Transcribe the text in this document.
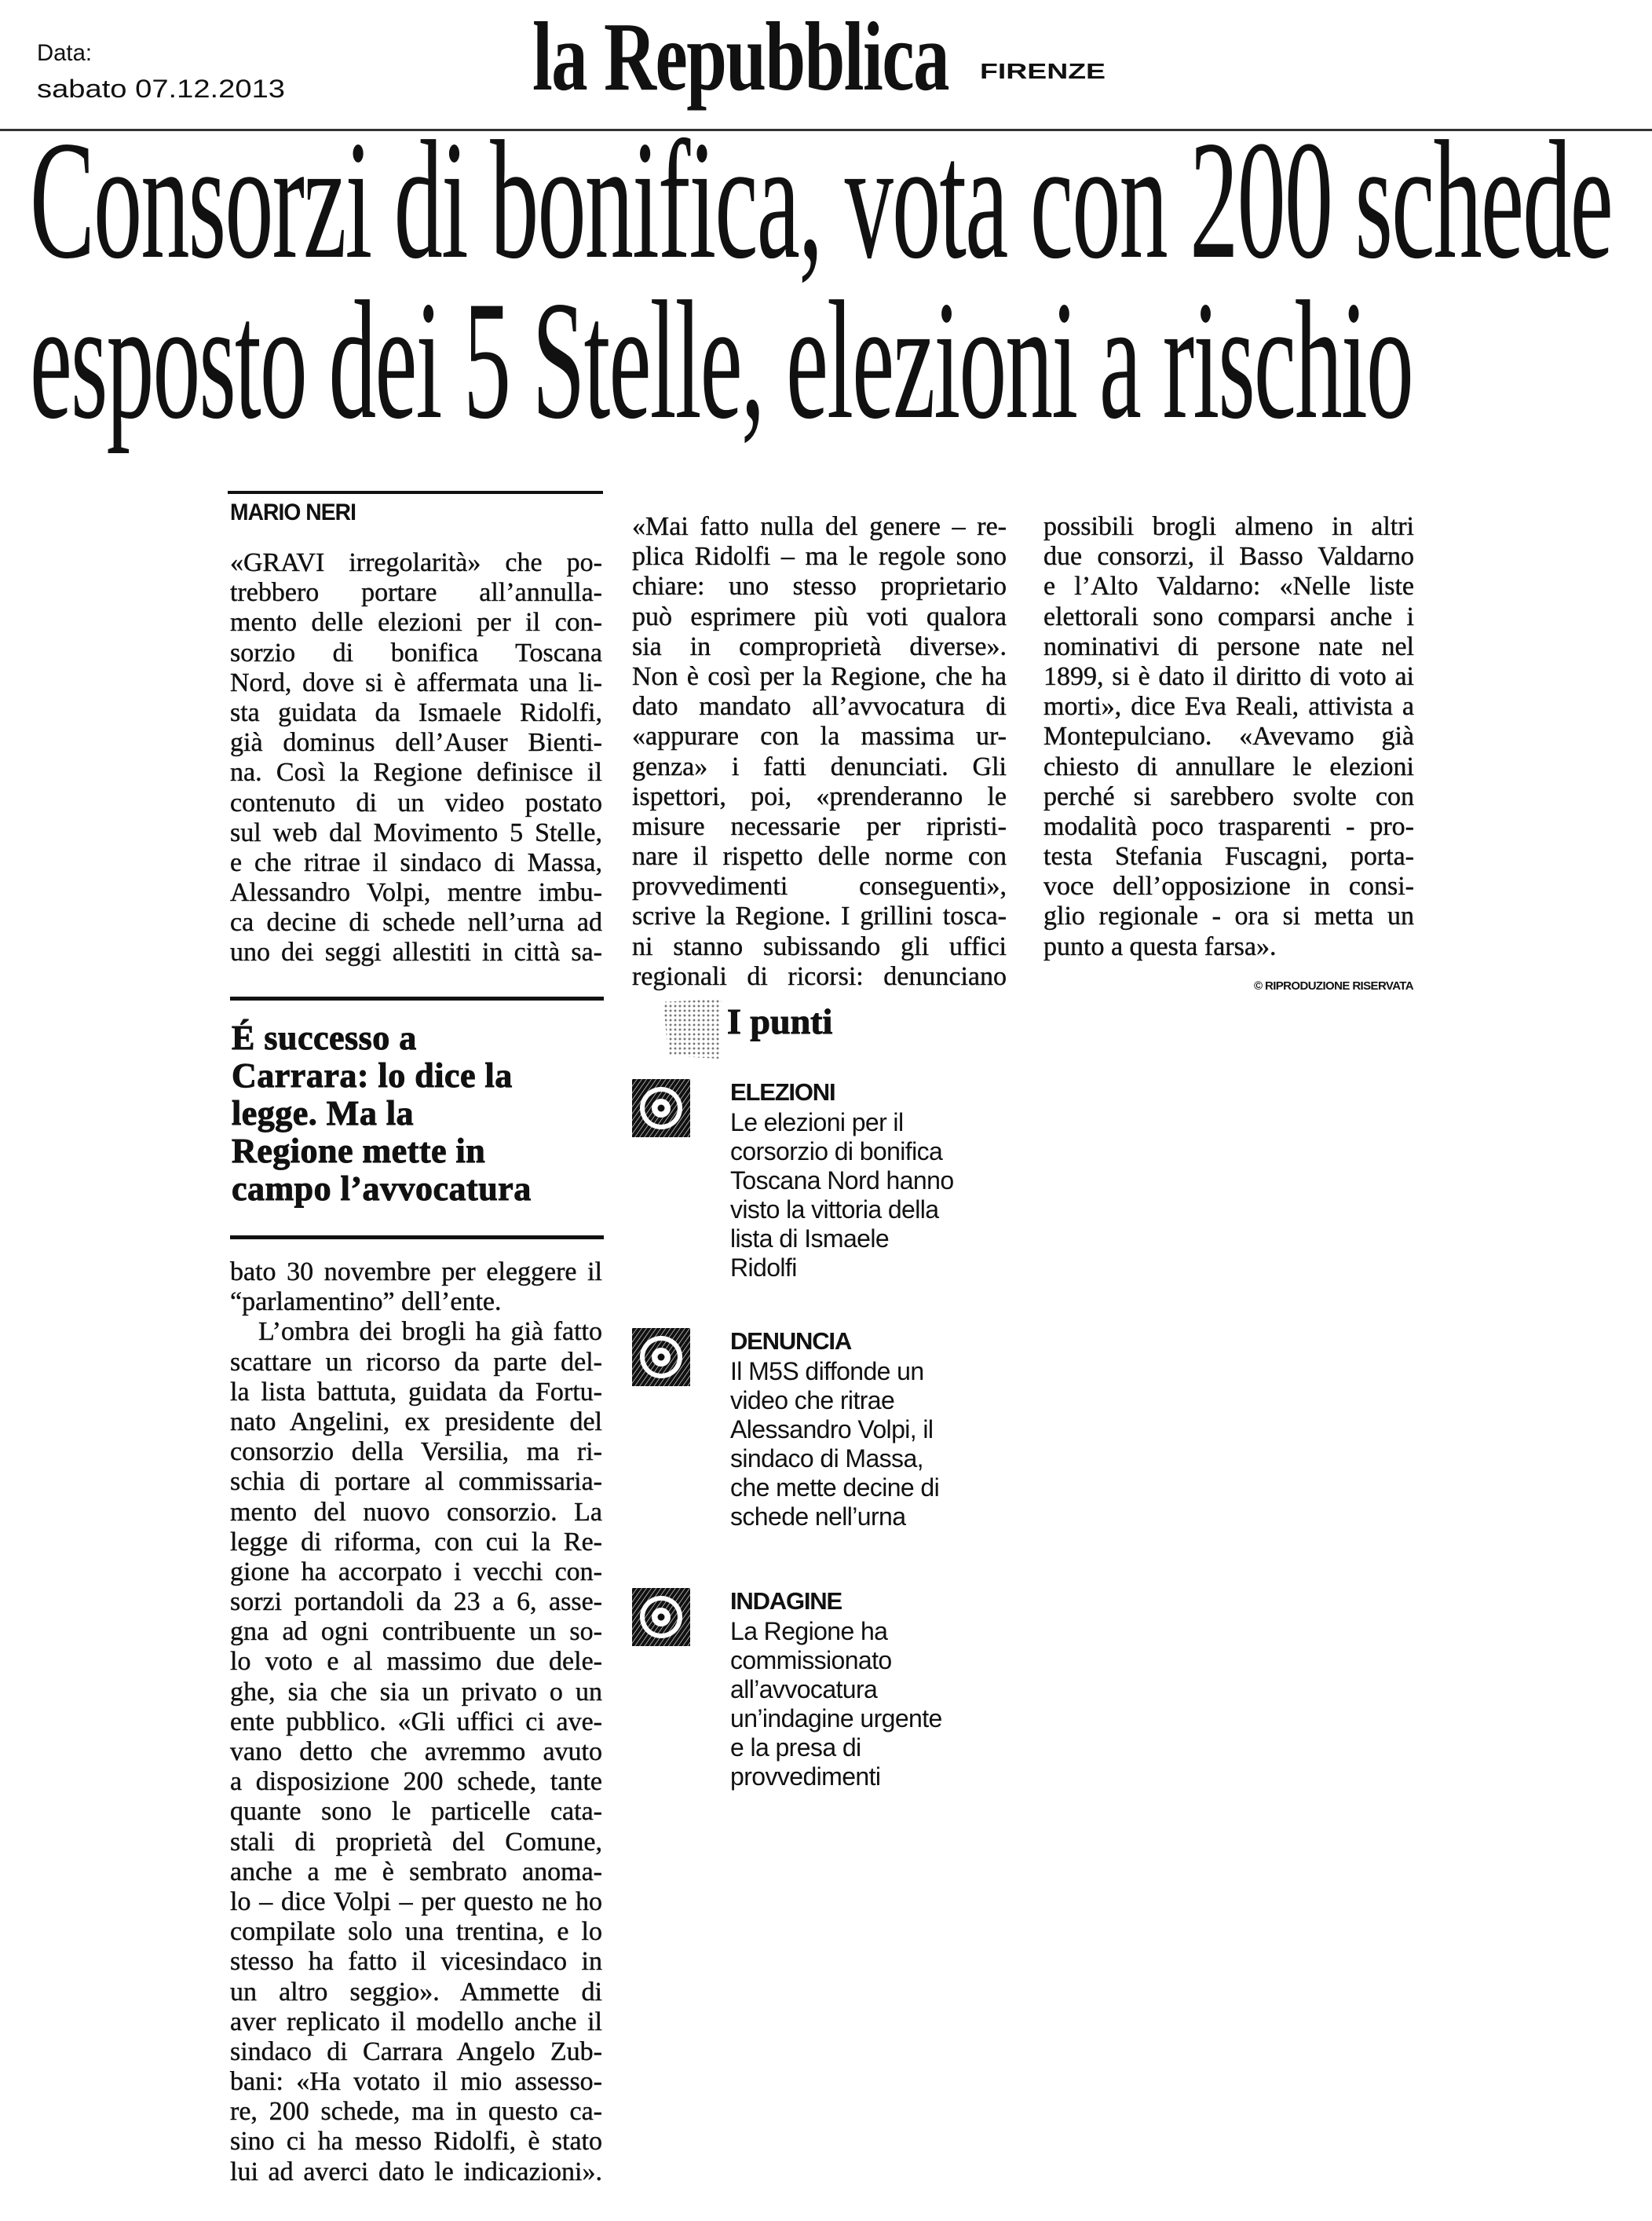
Data:
sabato 07.12.2013	la Repubblica FIRENZE
Consorzi di bonifica, vota con 200 schede
esposto dei 5 Stelle, elezioni a rischio
MARIO NERI
«GRAVI irregolarità» che po-
trebbero portare all’annulla-
mento delle elezioni per il con-
sorzio di bonifica Toscana
Nord, dove si è affermata una li-
sta guidata da Ismaele Ridolfi,
già dominus dell’Auser Bienti-
na. Così la Regione definisce il
contenuto di un video postato
sul web dal Movimento 5 Stelle,
e che ritrae il sindaco di Massa,
Alessandro Volpi, mentre imbu-
ca decine di schede nell’urna ad
uno dei seggi allestiti in città sa-
É successo a
Carrara: lo dice la
legge. Ma la
Regione mette in
campo l’avvocatura
bato 30 novembre per eleggere il
“parlamentino” dell’ente.
L’ombra dei brogli ha già fatto
scattare un ricorso da parte del-
la lista battuta, guidata da Fortu-
nato Angelini, ex presidente del
consorzio della Versilia, ma ri-
schia di portare al commissaria-
mento del nuovo consorzio. La
legge di riforma, con cui la Re-
gione ha accorpato i vecchi con-
sorzi portandoli da 23 a 6, asse-
gna ad ogni contribuente un so-
lo voto e al massimo due dele-
ghe, sia che sia un privato o un
ente pubblico. «Gli uffici ci ave-
vano detto che avremmo avuto
a disposizione 200 schede, tante
quante sono le particelle cata-
stali di proprietà del Comune,
anche a me è sembrato anoma-
lo – dice Volpi – per questo ne ho
compilate solo una trentina, e lo
stesso ha fatto il vicesindaco in
un altro seggio». Ammette di
aver replicato il modello anche il
sindaco di Carrara Angelo Zub-
bani: «Ha votato il mio assesso-
re, 200 schede, ma in questo ca-
sino ci ha messo Ridolfi, è stato
lui ad averci dato le indicazioni».
«Mai fatto nulla del genere – re-
plica Ridolfi – ma le regole sono
chiare: uno stesso proprietario
può esprimere più voti qualora
sia in comproprietà diverse».
Non è così per la Regione, che ha
dato mandato all’avvocatura di
«appurare con la massima ur-
genza» i fatti denunciati. Gli
ispettori, poi, «prenderanno le
misure necessarie per ripristi-
nare il rispetto delle norme con
provvedimenti conseguenti»,
scrive la Regione. I grillini tosca-
ni stanno subissando gli uffici
regionali di ricorsi: denunciano
possibili brogli almeno in altri
due consorzi, il Basso Valdarno
e l’Alto Valdarno: «Nelle liste
elettorali sono comparsi anche i
nominativi di persone nate nel
1899, si è dato il diritto di voto ai
morti», dice Eva Reali, attivista a
Montepulciano. «Avevamo già
chiesto di annullare le elezioni
perché si sarebbero svolte con
modalità poco trasparenti - pro-
testa Stefania Fuscagni, porta-
voce dell’opposizione in consi-
glio regionale - ora si metta un
punto a questa farsa».
© RIPRODUZIONE RISERVATA
I punti
ELEZIONI
Le elezioni per il
corsorzio di bonifica
Toscana Nord hanno
visto la vittoria della
lista di Ismaele
Ridolfi
DENUNCIA
Il M5S diffonde un
video che ritrae
Alessandro Volpi, il
sindaco di Massa,
che mette decine di
schede nell’urna
INDAGINE
La Regione ha
commissionato
all’avvocatura
un’indagine urgente
e la presa di
provvedimenti
